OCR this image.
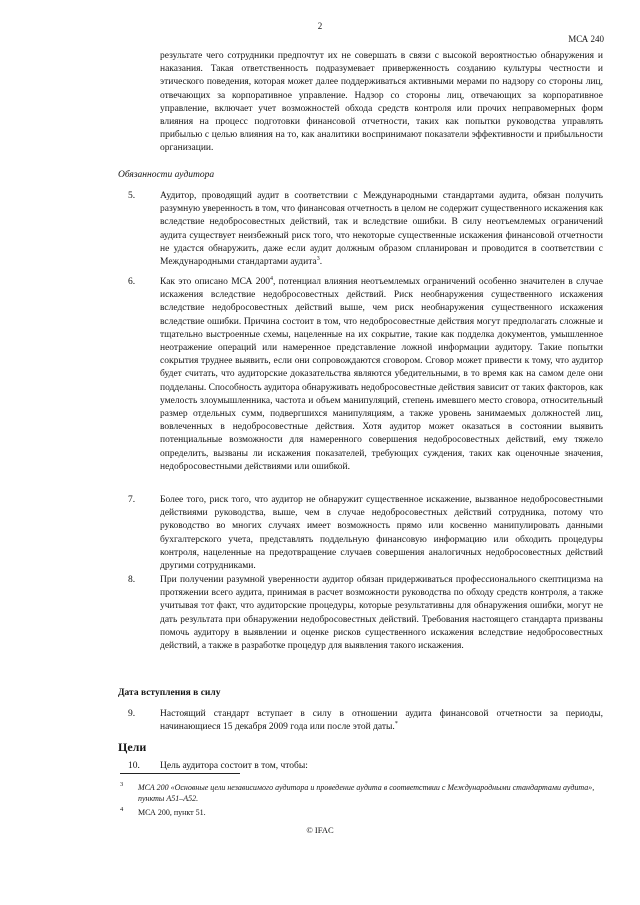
2
МСА 240
результате чего сотрудники предпочтут их не совершать в связи с высокой вероятностью обнаружения и наказания. Такая ответственность подразумевает приверженность созданию культуры честности и этического поведения, которая может далее поддерживаться активными мерами по надзору со стороны лиц, отвечающих за корпоративное управление. Надзор со стороны лиц, отвечающих за корпоративное управление, включает учет возможностей обхода средств контроля или прочих неправомерных форм влияния на процесс подготовки финансовой отчетности, таких как попытки руководства управлять прибылью с целью влияния на то, как аналитики воспринимают показатели эффективности и прибыльности организации.
Обязанности аудитора
5.	Аудитор, проводящий аудит в соответствии с Международными стандартами аудита, обязан получить разумную уверенность в том, что финансовая отчетность в целом не содержит существенного искажения как вследствие недобросовестных действий, так и вследствие ошибки. В силу неотъемлемых ограничений аудита существует неизбежный риск того, что некоторые существенные искажения финансовой отчетности не удастся обнаружить, даже если аудит должным образом спланирован и проводится в соответствии с Международными стандартами аудита$^3$.
6.	Как это описано МСА $200^4$, потенциал влияния неотъемлемых ограничений особенно значителен в случае искажения вследствие недобросовестных действий. Риск необнаружения существенного искажения вследствие недобросовестных действий выше, чем риск необнаружения существенного искажения вследствие ошибки. Причина состоит в том, что недобросовестные действия могут предполагать сложные и тщательно выстроенные схемы, нацеленные на их сокрытие, такие как подделка документов, умышленное неотражение операций или намеренное представление ложной информации аудитору. Такие попытки сокрытия труднее выявить, если они сопровождаются сговором. Сговор может привести к тому, что аудитор будет считать, что аудиторские доказательства являются убедительными, в то время как на самом деле они подделаны. Способность аудитора обнаруживать недобросовестные действия зависит от таких факторов, как умелость злоумышленника, частота и объем манипуляций, степень имевшего место сговора, относительный размер отдельных сумм, подвергшихся манипуляциям, а также уровень занимаемых должностей лиц, вовлеченных в недобросовестные действия. Хотя аудитор может оказаться в состоянии выявить потенциальные возможности для намеренного совершения недобросовестных действий, ему тяжело определить, вызваны ли искажения показателей, требующих суждения, таких как оценочные значения, недобросовестными действиями или ошибкой.
7.	Более того, риск того, что аудитор не обнаружит существенное искажение, вызванное недобросовестными действиями руководства, выше, чем в случае недобросовестных действий сотрудника, потому что руководство во многих случаях имеет возможность прямо или косвенно манипулировать данными бухгалтерского учета, представлять поддельную финансовую информацию или обходить процедуры контроля, нацеленные на предотвращение случаев совершения аналогичных недобросовестных действий другими сотрудниками.
8.	При получении разумной уверенности аудитор обязан придерживаться профессионального скептицизма на протяжении всего аудита, принимая в расчет возможности руководства по обходу средств контроля, а также учитывая тот факт, что аудиторские процедуры, которые результативны для обнаружения ошибки, могут не дать результата при обнаружении недобросовестных действий. Требования настоящего стандарта призваны помочь аудитору в выявлении и оценке рисков существенного искажения вследствие недобросовестных действий, а также в разработке процедур для выявления такого искажения.
Дата вступления в силу
9.	Настоящий стандарт вступает в силу в отношении аудита финансовой отчетности за периоды, начинающиеся 15 декабря 2009 года или после этой даты.*
Цели
10. Цель аудитора состоит в том, чтобы:
3 МСА 200 «Основные цели независимого аудитора и проведение аудита в соответствии с Международными стандартами аудита», пункты A51–A52.
4 МСА 200, пункт 51.
© IFAC
